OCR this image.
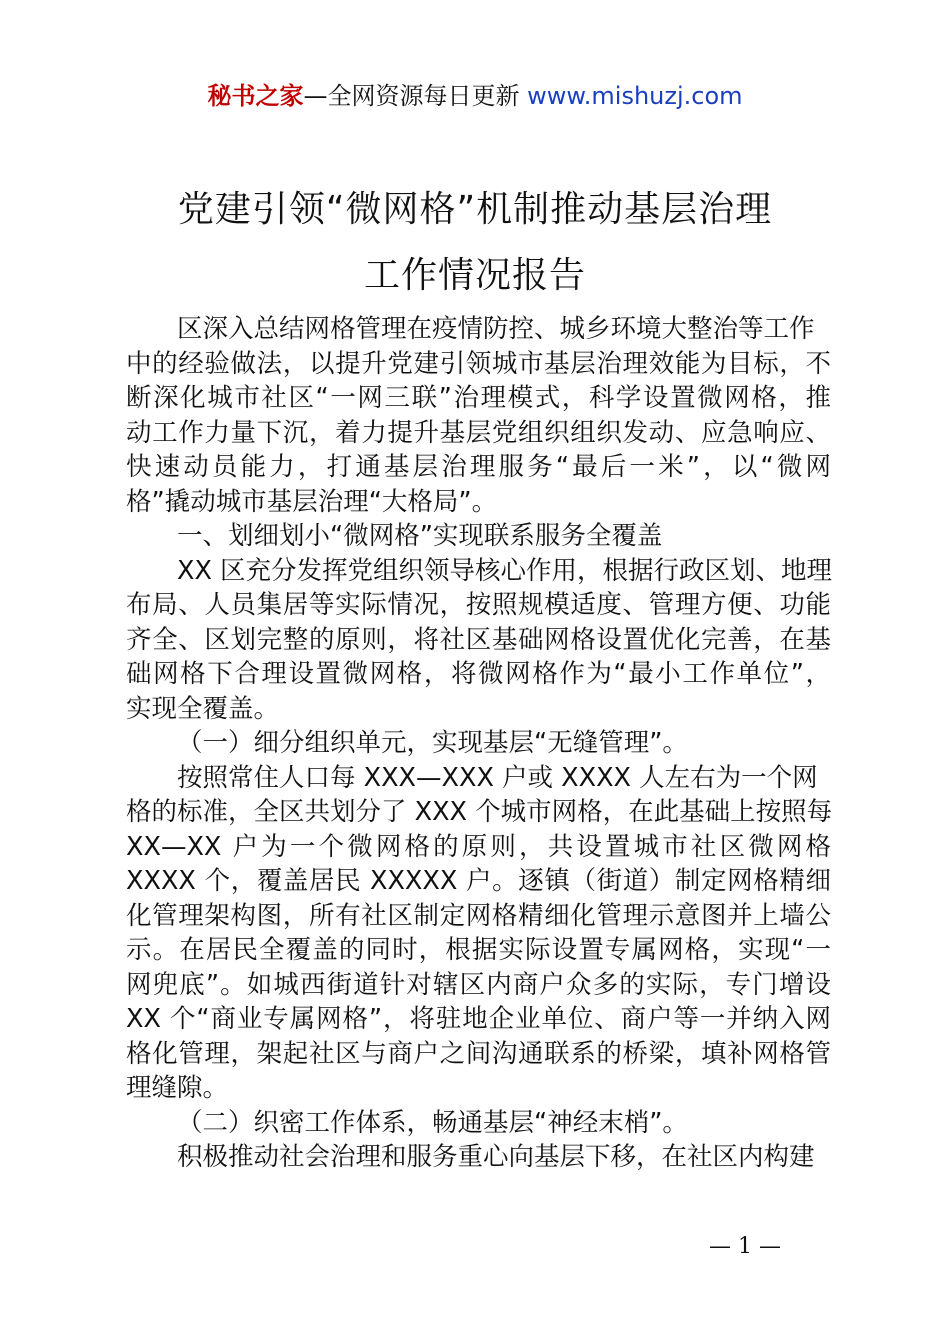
秘书之家—全网资源每日更新 www.mishuzj.com
党建引领“微网格”机制推动基层治理
工作情况报告
区深入总结网格管理在疫情防控、城乡环境大整治等工作
中的经验做法，以提升党建引领城市基层治理效能为目标，不
断深化城市社区“一网三联”治理模式，科学设置微网格，推
动工作力量下沉，着力提升基层党组织组织发动、应急响应、
快速动员能力，打通基层治理服务“最后一米”，以“微网
格”撬动城市基层治理“大格局”。
一、划细划小“微网格”实现联系服务全覆盖
XX 区充分发挥党组织领导核心作用，根据行政区划、地理
布局、人员集居等实际情况，按照规模适度、管理方便、功能
齐全、区划完整的原则，将社区基础网格设置优化完善，在基
础网格下合理设置微网格，将微网格作为“最小工作单位”，
实现全覆盖。
（一）细分组织单元，实现基层“无缝管理”。
按照常住人口每 XXX—XXX 户或 XXXX 人左右为一个网
格的标准，全区共划分了 XXX 个城市网格，在此基础上按照每
XX—XX 户为一个微网格的原则，共设置城市社区微网格
XXXX 个，覆盖居民 XXXXX 户。逐镇（街道）制定网格精细
化管理架构图，所有社区制定网格精细化管理示意图并上墙公
示。在居民全覆盖的同时，根据实际设置专属网格，实现“一
网兜底”。如城西街道针对辖区内商户众多的实际，专门增设
XX 个“商业专属网格”，将驻地企业单位、商户等一并纳入网
格化管理，架起社区与商户之间沟通联系的桥梁，填补网格管
理缝隙。
（二）织密工作体系，畅通基层“神经末梢”。
积极推动社会治理和服务重心向基层下移，在社区内构建
— 1 —
